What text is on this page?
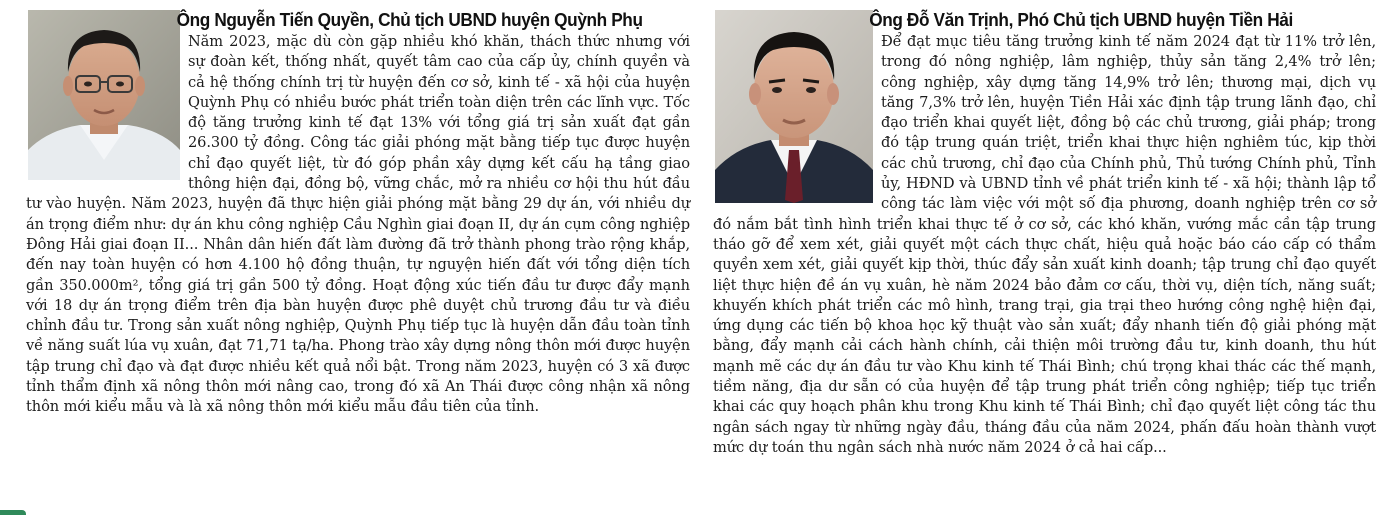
Ông Nguyễn Tiến Quyền, Chủ tịch UBND huyện Quỳnh Phụ

Năm 2023, mặc dù còn gặp nhiều khó khăn, thách thức nhưng với sự đoàn kết, thống nhất, quyết tâm cao của cấp ủy, chính quyền và cả hệ thống chính trị từ huyện đến cơ sở, kinh tế - xã hội của huyện Quỳnh Phụ có nhiều bước phát triển toàn diện trên các lĩnh vực. Tốc độ tăng trưởng kinh tế đạt 13% với tổng giá trị sản xuất đạt gần 26.300 tỷ đồng. Công tác giải phóng mặt bằng tiếp tục được huyện chỉ đạo quyết liệt, từ đó góp phần xây dựng kết cấu hạ tầng giao thông hiện đại, đồng bộ, vững chắc, mở ra nhiều cơ hội thu hút đầu tư vào huyện. Năm 2023, huyện đã thực hiện giải phóng mặt bằng 29 dự án, với nhiều dự án trọng điểm như: dự án khu công nghiệp Cầu Nghìn giai đoạn II, dự án cụm công nghiệp Đông Hải giai đoạn II... Nhân dân hiến đất làm đường đã trở thành phong trào rộng khắp, đến nay toàn huyện có hơn 4.100 hộ đồng thuận, tự nguyện hiến đất với tổng diện tích gần 350.000m², tổng giá trị gần 500 tỷ đồng. Hoạt động xúc tiến đầu tư được đẩy mạnh với 18 dự án trọng điểm trên địa bàn huyện được phê duyệt chủ trương đầu tư và điều chỉnh đầu tư. Trong sản xuất nông nghiệp, Quỳnh Phụ tiếp tục là huyện dẫn đầu toàn tỉnh về năng suất lúa vụ xuân, đạt 71,71 tạ/ha. Phong trào xây dựng nông thôn mới được huyện tập trung chỉ đạo và đạt được nhiều kết quả nổi bật. Trong năm 2023, huyện có 3 xã được tỉnh thẩm định xã nông thôn mới nâng cao, trong đó xã An Thái được công nhận xã nông thôn mới kiểu mẫu và là xã nông thôn mới kiểu mẫu đầu tiên của tỉnh.

Ông Đỗ Văn Trịnh, Phó Chủ tịch UBND huyện Tiền Hải

Để đạt mục tiêu tăng trưởng kinh tế năm 2024 đạt từ 11% trở lên, trong đó nông nghiệp, lâm nghiệp, thủy sản tăng 2,4% trở lên; công nghiệp, xây dựng tăng 14,9% trở lên; thương mại, dịch vụ tăng 7,3% trở lên, huyện Tiền Hải xác định tập trung lãnh đạo, chỉ đạo triển khai quyết liệt, đồng bộ các chủ trương, giải pháp; trong đó tập trung quán triệt, triển khai thực hiện nghiêm túc, kịp thời các chủ trương, chỉ đạo của Chính phủ, Thủ tướng Chính phủ, Tỉnh ủy, HĐND và UBND tỉnh về phát triển kinh tế - xã hội; thành lập tổ công tác làm việc với một số địa phương, doanh nghiệp trên cơ sở đó nắm bắt tình hình triển khai thực tế ở cơ sở, các khó khăn, vướng mắc cần tập trung tháo gỡ để xem xét, giải quyết một cách thực chất, hiệu quả hoặc báo cáo cấp có thẩm quyền xem xét, giải quyết kịp thời, thúc đẩy sản xuất kinh doanh; tập trung chỉ đạo quyết liệt thực hiện đề án vụ xuân, hè năm 2024 bảo đảm cơ cấu, thời vụ, diện tích, năng suất; khuyến khích phát triển các mô hình, trang trại, gia trại theo hướng công nghệ hiện đại, ứng dụng các tiến bộ khoa học kỹ thuật vào sản xuất; đẩy nhanh tiến độ giải phóng mặt bằng, đẩy mạnh cải cách hành chính, cải thiện môi trường đầu tư, kinh doanh, thu hút mạnh mẽ các dự án đầu tư vào Khu kinh tế Thái Bình; chú trọng khai thác các thế mạnh, tiềm năng, địa dư sẵn có của huyện để tập trung phát triển công nghiệp; tiếp tục triển khai các quy hoạch phân khu trong Khu kinh tế Thái Bình; chỉ đạo quyết liệt công tác thu ngân sách ngay từ những ngày đầu, tháng đầu của năm 2024, phấn đấu hoàn thành vượt mức dự toán thu ngân sách nhà nước năm 2024 ở cả hai cấp...
